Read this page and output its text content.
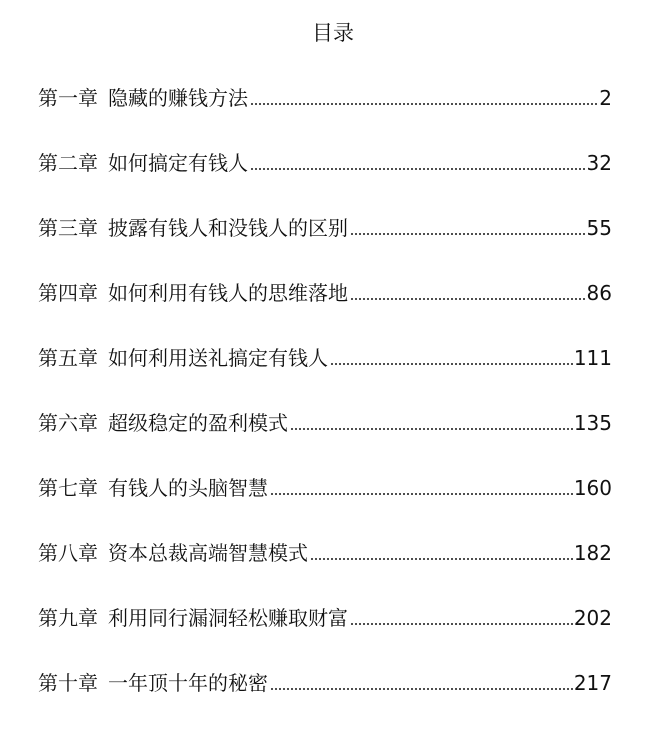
目录
第一章 隐藏的赚钱方法	2
第二章 如何搞定有钱人	32
第三章 披露有钱人和没钱人的区别	55
第四章 如何利用有钱人的思维落地	86
第五章 如何利用送礼搞定有钱人	111
第六章 超级稳定的盈利模式	135
第七章 有钱人的头脑智慧	160
第八章 资本总裁高端智慧模式	182
第九章 利用同行漏洞轻松赚取财富	202
第十章 一年顶十年的秘密	217
